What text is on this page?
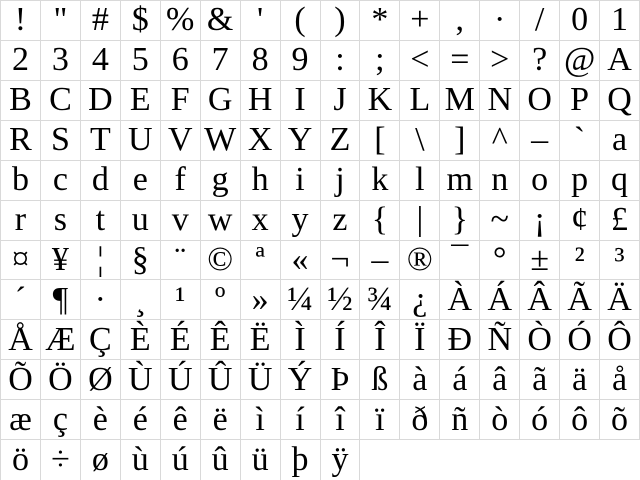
! " # $ % & ' ( ) * + , · / 0 1
2 3 4 5 6 7 8 9 : ; < = > ? @ A
B C D E F G H I J K L M N O P Q
R S T U V W X Y Z [ \ ] ^ – ` a
b c d e f g h i j k l m n o p q
r s t u v w x y z { | } ~ ¡ ¢ £
¤ ¥ ¦ § ¨ © ª « ¬ – ® ¯ ° ± ² ³
´ ¶ · ¸ ¹ º » ¼ ½ ¾ ¿ À Á Â Ã Ä
Å Æ Ç È É Ê Ë Ì Í Î Ï Ð Ñ Ò Ó Ô
Õ Ö Ø Ù Ú Û Ü Ý Þ ß à á â ã ä å
æ ç è é ê ë ì í î ï ð ñ ò ó ô õ
ö ÷ ø ù ú û ü þ ÿ
